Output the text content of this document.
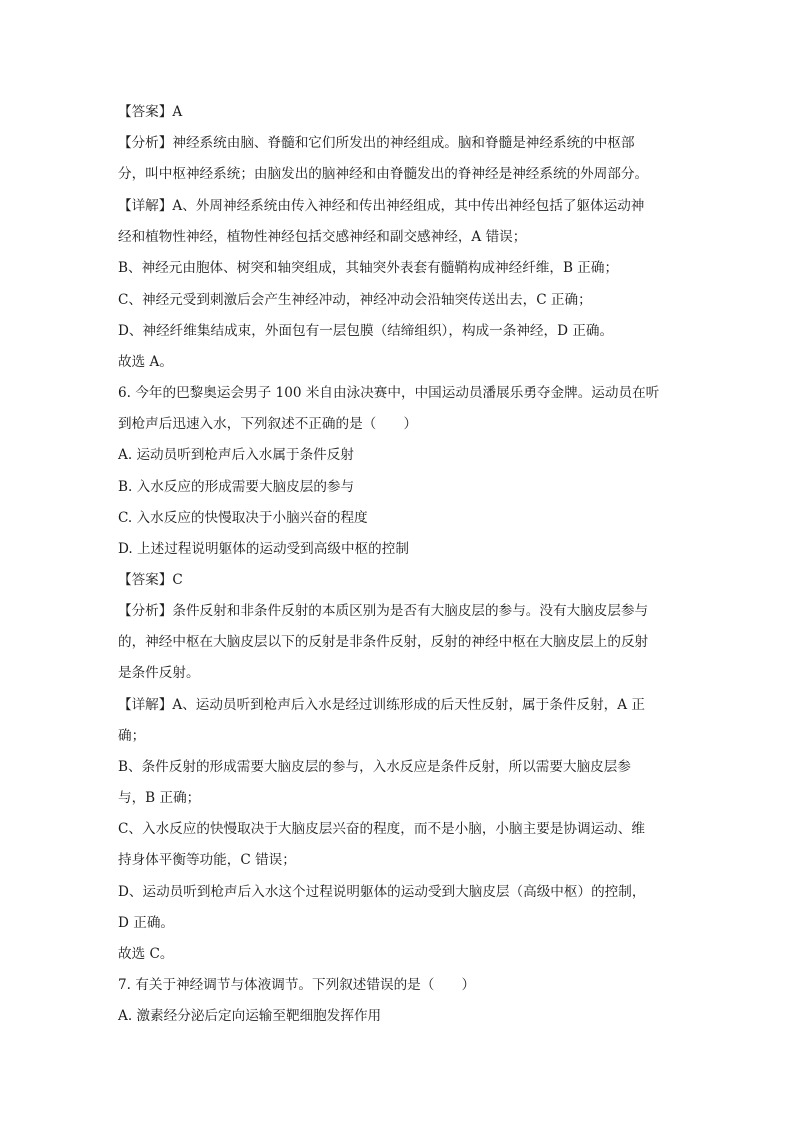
【答案】A
【分析】神经系统由脑、脊髓和它们所发出的神经组成。脑和脊髓是神经系统的中枢部
分，叫中枢神经系统；由脑发出的脑神经和由脊髓发出的脊神经是神经系统的外周部分。
【详解】A、外周神经系统由传入神经和传出神经组成，其中传出神经包括了躯体运动神
经和植物性神经，植物性神经包括交感神经和副交感神经，A 错误；
B、神经元由胞体、树突和轴突组成，其轴突外表套有髓鞘构成神经纤维，B 正确；
C、神经元受到刺激后会产生神经冲动，神经冲动会沿轴突传送出去，C 正确；
D、神经纤维集结成束，外面包有一层包膜（结缔组织），构成一条神经，D 正确。
故选 A。
6. 今年的巴黎奥运会男子 100 米自由泳决赛中，中国运动员潘展乐勇夺金牌。运动员在听
到枪声后迅速入水，下列叙述不正确的是（　　）
A. 运动员听到枪声后入水属于条件反射
B. 入水反应的形成需要大脑皮层的参与
C. 入水反应的快慢取决于小脑兴奋的程度
D. 上述过程说明躯体的运动受到高级中枢的控制
【答案】C
【分析】条件反射和非条件反射的本质区别为是否有大脑皮层的参与。没有大脑皮层参与
的，神经中枢在大脑皮层以下的反射是非条件反射，反射的神经中枢在大脑皮层上的反射
是条件反射。
【详解】A、运动员听到枪声后入水是经过训练形成的后天性反射，属于条件反射，A 正
确；
B、条件反射的形成需要大脑皮层的参与，入水反应是条件反射，所以需要大脑皮层参
与，B 正确；
C、入水反应的快慢取决于大脑皮层兴奋的程度，而不是小脑，小脑主要是协调运动、维
持身体平衡等功能，C 错误；
D、运动员听到枪声后入水这个过程说明躯体的运动受到大脑皮层（高级中枢）的控制，
D 正确。
故选 C。
7. 有关于神经调节与体液调节。下列叙述错误的是（　　）
A. 激素经分泌后定向运输至靶细胞发挥作用
